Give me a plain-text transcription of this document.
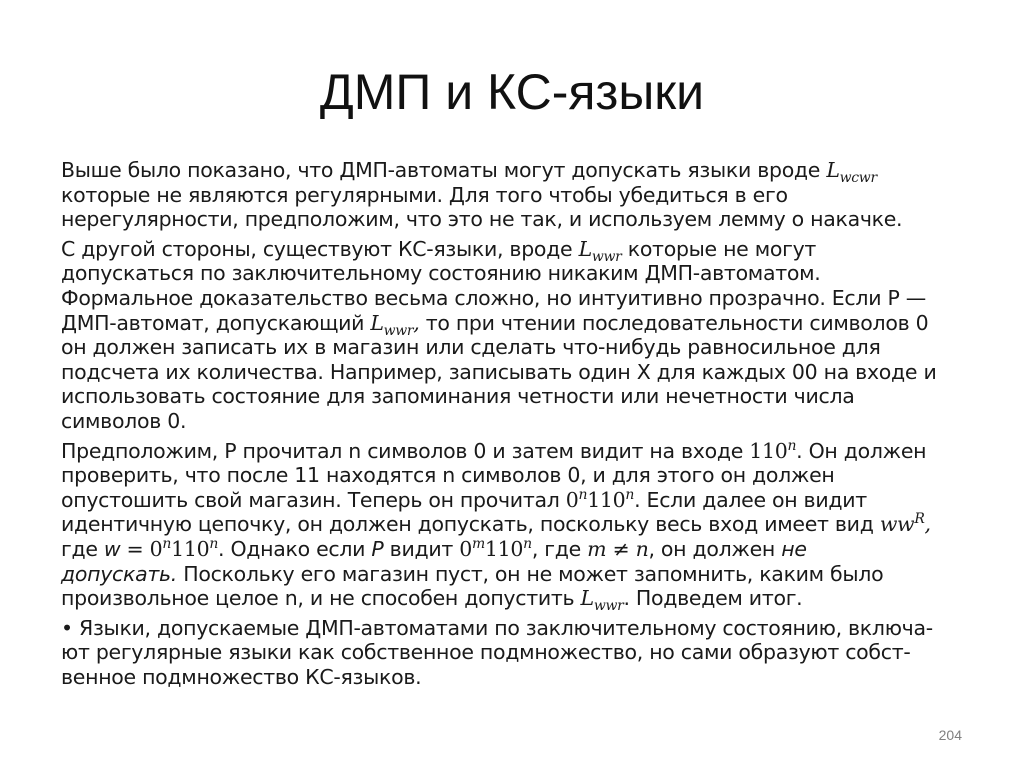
ДМП и КС-языки
Выше было показано, что ДМП-автоматы могут допускать языки вроде $L_{wcwr}$
которые не являются регулярными. Для того чтобы убедиться в его
нерегулярности, предположим, что это не так, и используем лемму о накачке.
С другой стороны, существуют КС-языки, вроде $L_{wwr}$ которые не могут
допускаться по заключительному состоянию никаким ДМП-автоматом.
Формальное доказательство весьма сложно, но интуитивно прозрачно. Если P —
ДМП-автомат, допускающий $L_{wwr}$, то при чтении последовательности символов 0
он должен записать их в магазин или сделать что-нибудь равносильное для
подсчета их количества. Например, записывать один X для каждых 00 на входе и
использовать состояние для запоминания четности или нечетности числа
символов 0.
Предположим, P прочитал n символов 0 и затем видит на входе 110$^n$. Он должен
проверить, что после 11 находятся n символов 0, и для этого он должен
опустошить свой магазин. Теперь он прочитал 0$^n$110$^n$. Если далее он видит
идентичную цепочку, он должен допускать, поскольку весь вход имеет вид $ww^R$,
где $w = 0^n110^n$. Однако если P видит 0$^m$110$^n$, где m ≠ n, он должен не
допускать. Поскольку его магазин пуст, он не может запомнить, каким было
произвольное целое n, и не способен допустить $L_{wwr}$. Подведем итог.
• Языки, допускаемые ДМП-автоматами по заключительному состоянию, включа-
ют регулярные языки как собственное подмножество, но сами образуют собст-
венное подмножество КС-языков.
204
